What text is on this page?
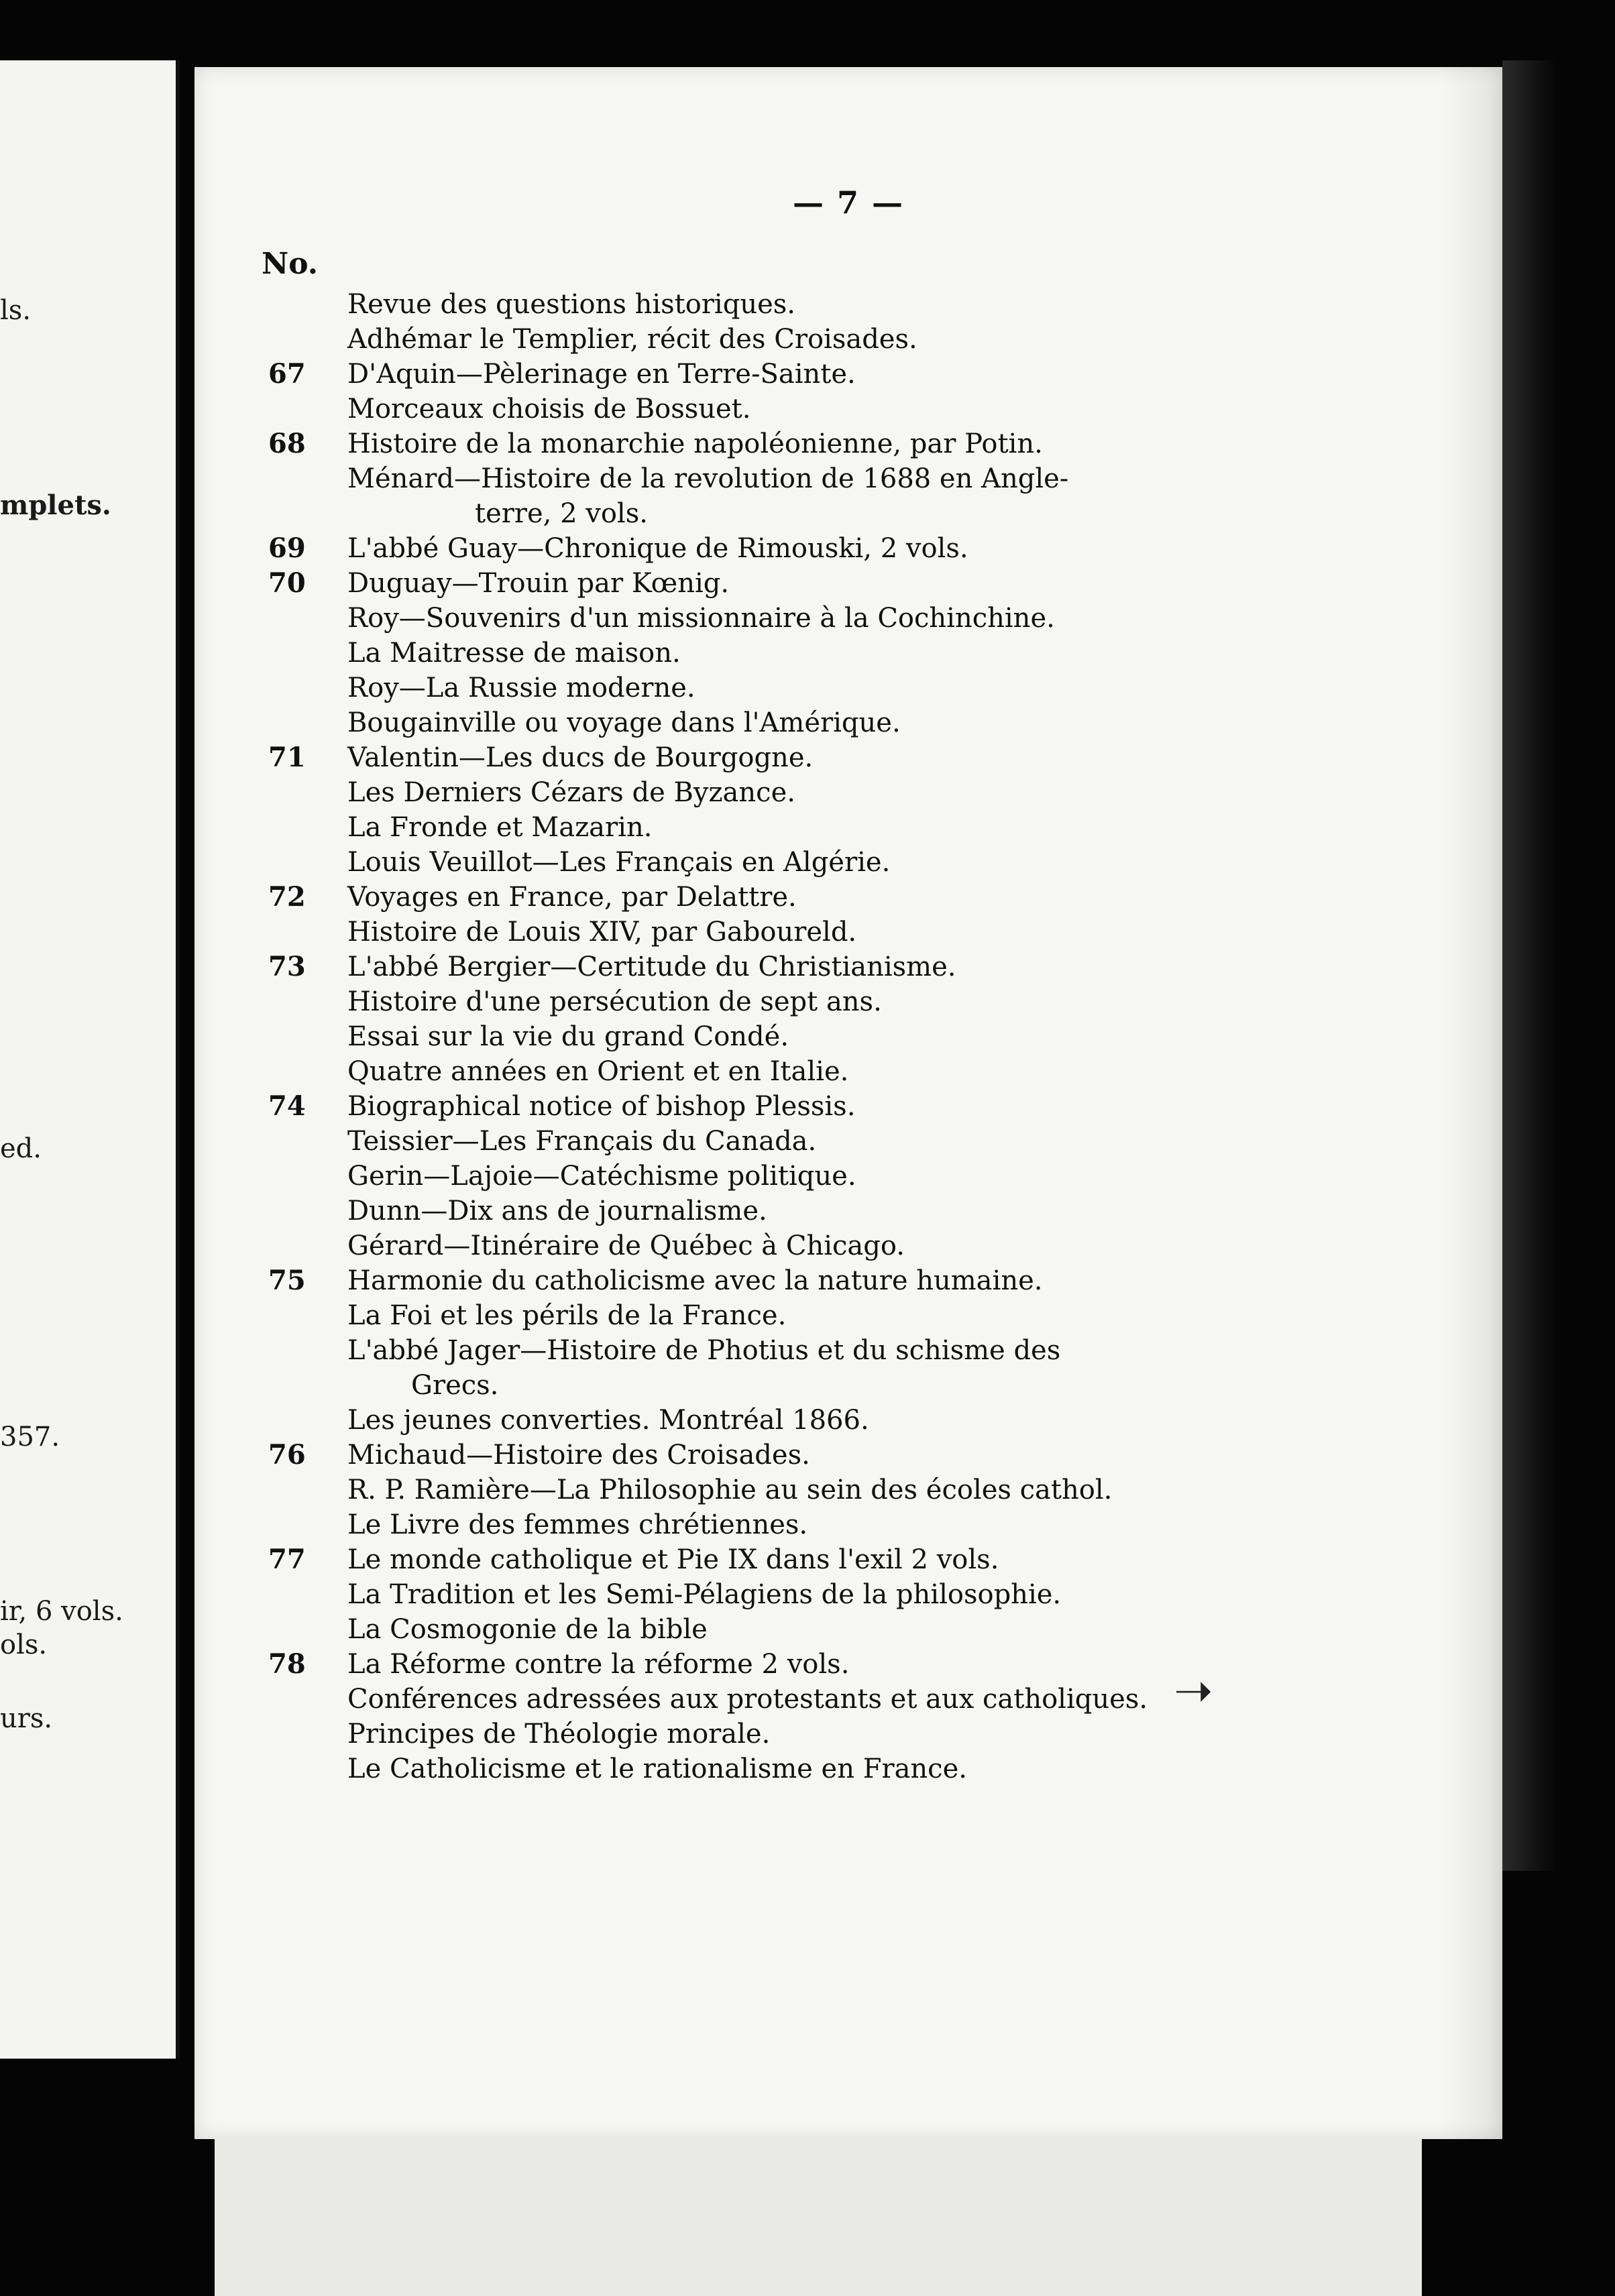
ls.

mplets.

ed.

357.

ir, 6 vols.

ols.

urs.

— 7 —
No.
Revue des questions historiques.
Adhémar le Templier, récit des Croisades.
67	D'Aquin—Pèlerinage en Terre-Sainte.
Morceaux choisis de Bossuet.
68	Histoire de la monarchie napoléonienne, par Potin.
Ménard—Histoire de la revolution de 1688 en Angle-
terre, 2 vols.
69	L'abbé Guay—Chronique de Rimouski, 2 vols.
70	Duguay—Trouin par Kœnig.
Roy—Souvenirs d'un missionnaire à la Cochinchine.
La Maitresse de maison.
Roy—La Russie moderne.
Bougainville ou voyage dans l'Amérique.
71	Valentin—Les ducs de Bourgogne.
Les Derniers Cézars de Byzance.
La Fronde et Mazarin.
Louis Veuillot—Les Français en Algérie.
72	Voyages en France, par Delattre.
Histoire de Louis XIV, par Gaboureld.
73	L'abbé Bergier—Certitude du Christianisme.
Histoire d'une persécution de sept ans.
Essai sur la vie du grand Condé.
Quatre années en Orient et en Italie.
74	Biographical notice of bishop Plessis.
Teissier—Les Français du Canada.
Gerin—Lajoie—Catéchisme politique.
Dunn—Dix ans de journalisme.
Gérard—Itinéraire de Québec à Chicago.
75	Harmonie du catholicisme avec la nature humaine.
La Foi et les périls de la France.
L'abbé Jager—Histoire de Photius et du schisme des
Grecs.
Les jeunes converties. Montréal 1866.
76	Michaud—Histoire des Croisades.
R. P. Ramière—La Philosophie au sein des écoles cathol.
Le Livre des femmes chrétiennes.
77	Le monde catholique et Pie IX dans l'exil 2 vols.
La Tradition et les Semi-Pélagiens de la philosophie.
La Cosmogonie de la bible
78	La Réforme contre la réforme 2 vols.
Conférences adressées aux protestants et aux catholiques.
Principes de Théologie morale.
Le Catholicisme et le rationalisme en France.
➝
